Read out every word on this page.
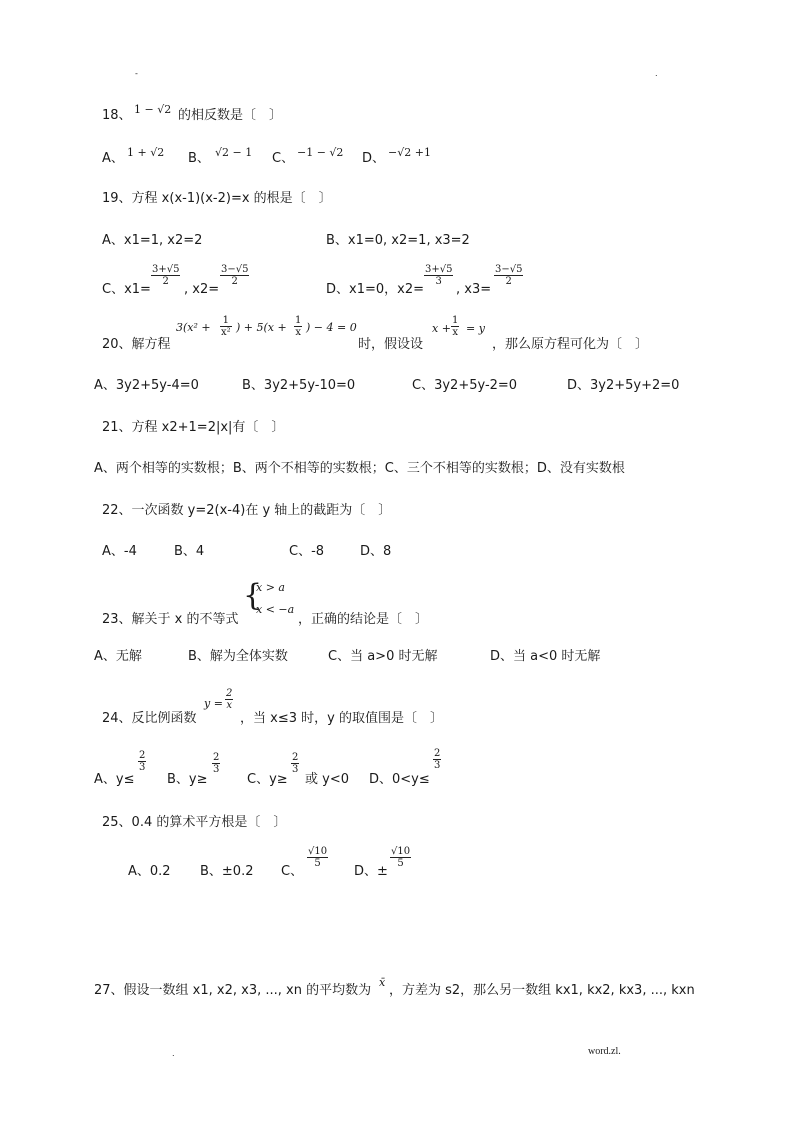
-	.
18、 1 − √2 的相反数是〔　〕
A、 1 + √2 B、 √2 − 1 C、 −1 − √2 D、 −√2 +1
19、方程 x(x-1)(x-2)=x 的根是〔　〕
A、x1=1, x2=2	B、x1=0, x2=1, x3=2
C、x1=
$\frac{3+√5}{2}$
, x2=
$\frac{3-√5}{2}$
D、x1=0，x2=
$\frac{3+√5}{3}$
, x3=
$\frac{3-√5}{2}$
20、解方程
$3(x^2 + \frac{1}{\text{x²}}$ ) + $5(x + \frac{1}{x}$ ) − 4 = 0
时，假设设
$x + \frac{1}{x} = y$
，那么原方程可化为〔　〕
A、3y2+5y-4=0	B、3y2+5y-10=0	C、3y2+5y-2=0	D、3y2+5y+2=0
21、方程 x2+1=2|x|有〔　〕
A、两个相等的实数根；B、两个不相等的实数根；C、三个不相等的实数根；D、没有实数根
22、一次函数 y=2(x-4)在 y 轴上的截距为〔　〕
A、-4	B、4	C、-8	D、8
23、解关于 x 的不等式
{
x > a
x < −a
，正确的结论是〔　〕
A、无解	B、解为全体实数	C、当 a>0 时无解	D、当 a<0 时无解
24、反比例函数
$y = \frac{2}{x}$
，当 x≤3 时，y 的取值围是〔　〕
A、y≤
$\frac{2}{3}$
B、y≥
$\frac{2}{3}$
C、y≥
$\frac{2}{3}$
或 y<0 D、0<y≤
$\frac{2}{3}$
25、0.4 的算术平方根是〔　〕
A、0.2 B、±0.2 C、
$\frac{√10}{5}$
D、±
$\frac{√10}{5}$
27、假设一数组 x1, x2, x3, ..., xn 的平均数为
x̄
，方差为 s2，那么另一数组 kx1, kx2, kx3, ..., kxn
.	word.zl.
